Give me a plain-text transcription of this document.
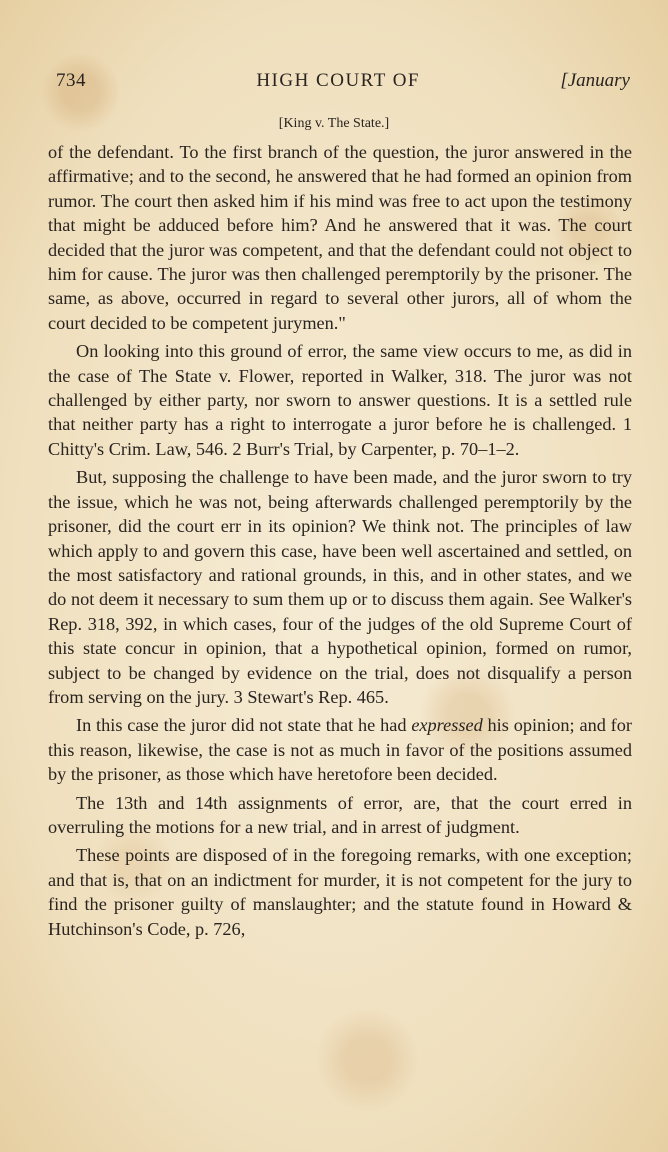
734	HIGH COURT OF	[January
[King v. The State.]

of the defendant. To the first branch of the question, the juror answered in the affirmative; and to the second, he answered that he had formed an opinion from rumor. The court then asked him if his mind was free to act upon the testimony that might be adduced before him? And he answered that it was. The court decided that the juror was competent, and that the defendant could not object to him for cause. The juror was then challenged peremptorily by the prisoner. The same, as above, occurred in regard to several other jurors, all of whom the court decided to be competent jurymen."

On looking into this ground of error, the same view occurs to me, as did in the case of The State v. Flower, reported in Walker, 318. The juror was not challenged by either party, nor sworn to answer questions. It is a settled rule that neither party has a right to interrogate a juror before he is challenged. 1 Chitty's Crim. Law, 546. 2 Burr's Trial, by Carpenter, p. 70–1–2.

But, supposing the challenge to have been made, and the juror sworn to try the issue, which he was not, being afterwards challenged peremptorily by the prisoner, did the court err in its opinion? We think not. The principles of law which apply to and govern this case, have been well ascertained and settled, on the most satisfactory and rational grounds, in this, and in other states, and we do not deem it necessary to sum them up or to discuss them again. See Walker's Rep. 318, 392, in which cases, four of the judges of the old Supreme Court of this state concur in opinion, that a hypothetical opinion, formed on rumor, subject to be changed by evidence on the trial, does not disqualify a person from serving on the jury. 3 Stewart's Rep. 465.

In this case the juror did not state that he had expressed his opinion; and for this reason, likewise, the case is not as much in favor of the positions assumed by the prisoner, as those which have heretofore been decided.

The 13th and 14th assignments of error, are, that the court erred in overruling the motions for a new trial, and in arrest of judgment.

These points are disposed of in the foregoing remarks, with one exception; and that is, that on an indictment for murder, it is not competent for the jury to find the prisoner guilty of manslaughter; and the statute found in Howard & Hutchinson's Code, p. 726,
